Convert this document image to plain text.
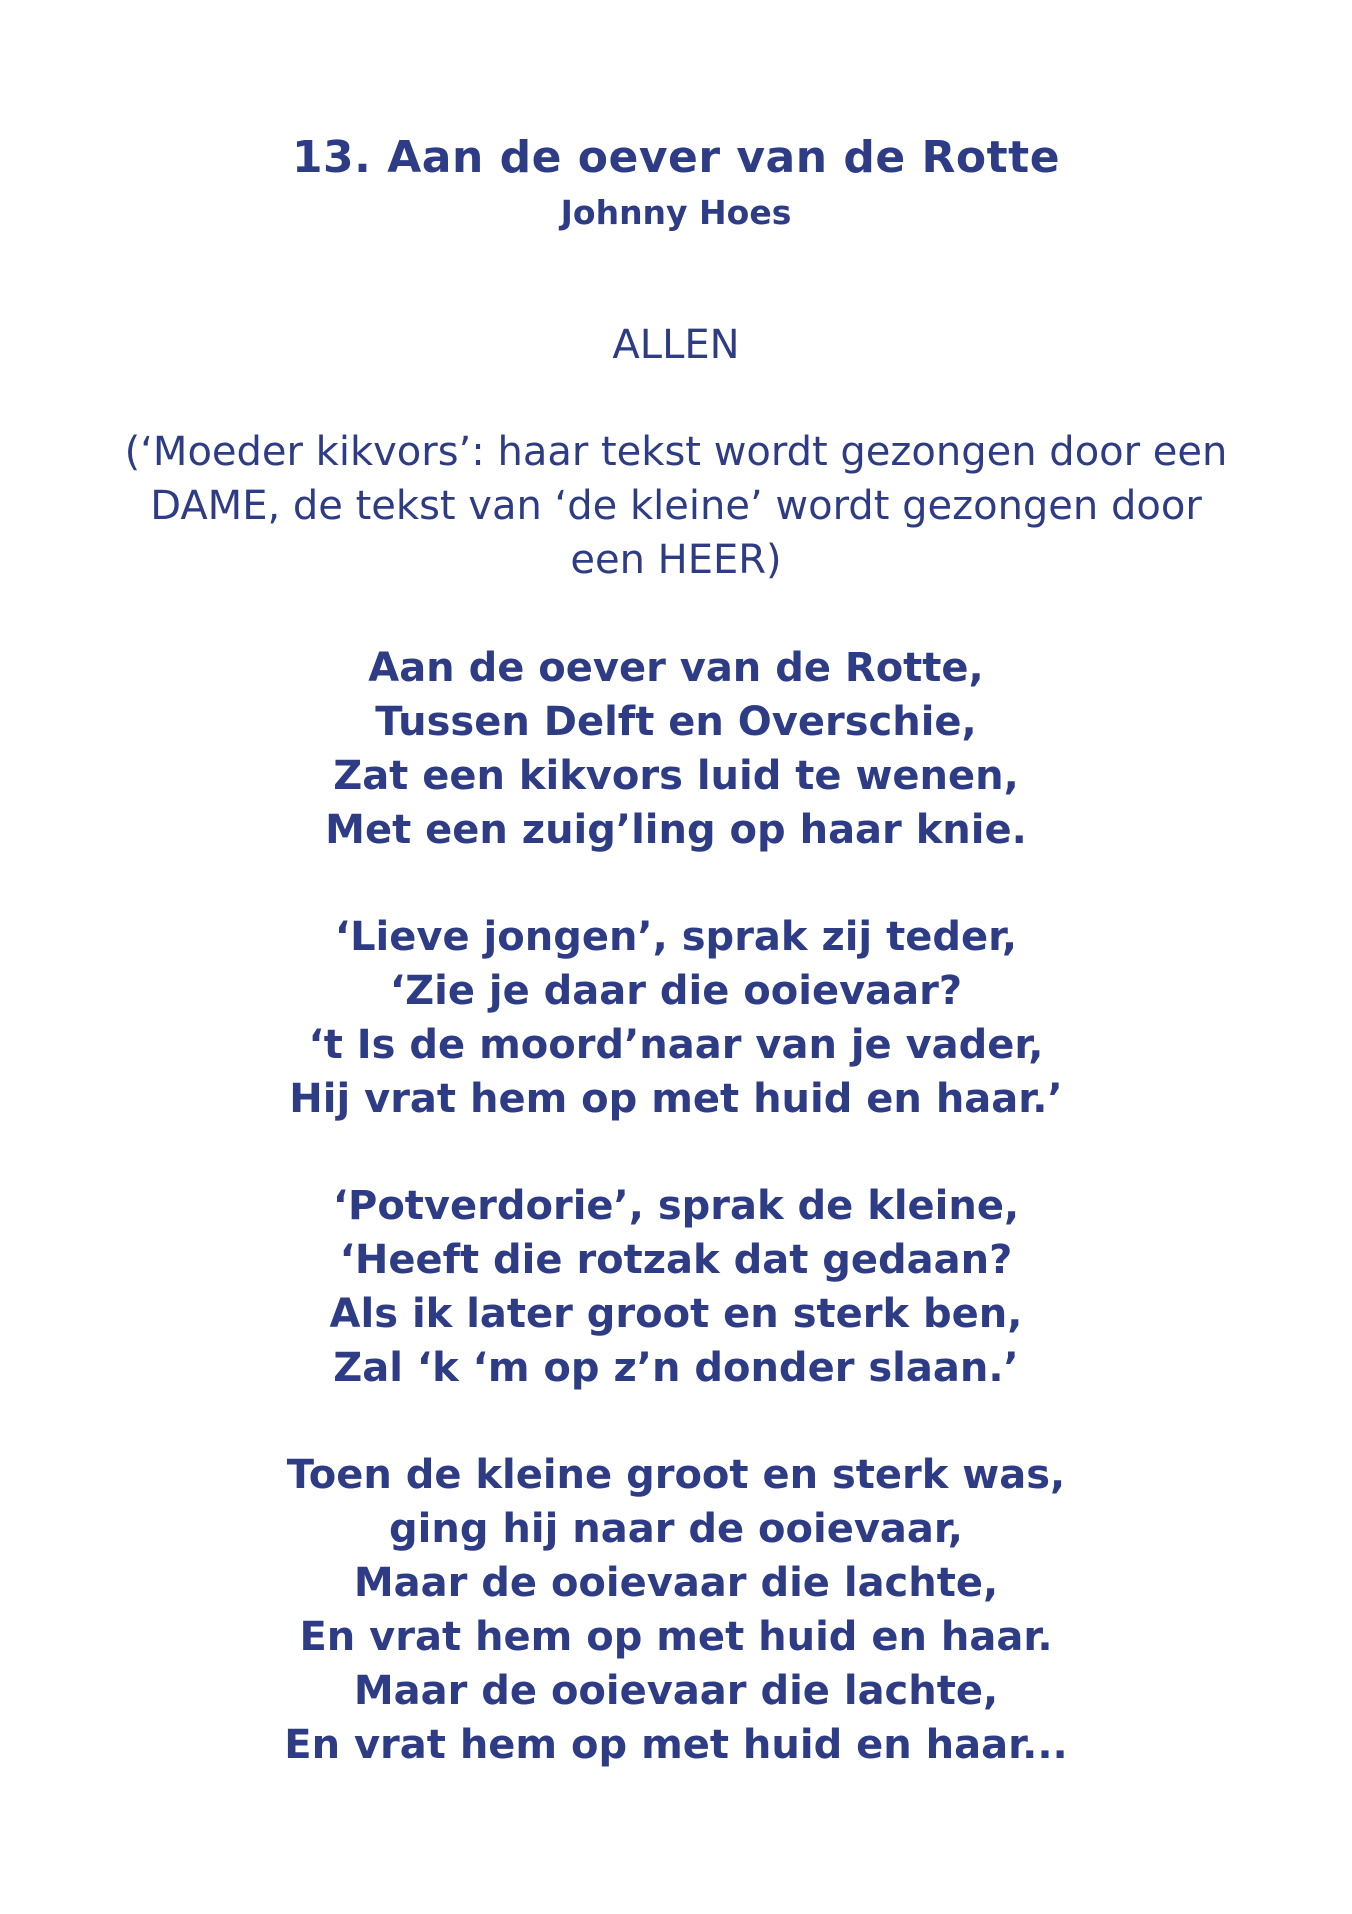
13. Aan de oever van de Rotte
Johnny Hoes
ALLEN
(‘Moeder kikvors’: haar tekst wordt gezongen door een
DAME, de tekst van ‘de kleine’ wordt gezongen door
een HEER)
Aan de oever van de Rotte,
Tussen Delft en Overschie,
Zat een kikvors luid te wenen,
Met een zuig’ling op haar knie.
‘Lieve jongen’, sprak zij teder,
‘Zie je daar die ooievaar?
‘t Is de moord’naar van je vader,
Hij vrat hem op met huid en haar.’
‘Potverdorie’, sprak de kleine,
‘Heeft die rotzak dat gedaan?
Als ik later groot en sterk ben,
Zal ‘k ‘m op z’n donder slaan.’
Toen de kleine groot en sterk was,
ging hij naar de ooievaar,
Maar de ooievaar die lachte,
En vrat hem op met huid en haar.
Maar de ooievaar die lachte,
En vrat hem op met huid en haar...
